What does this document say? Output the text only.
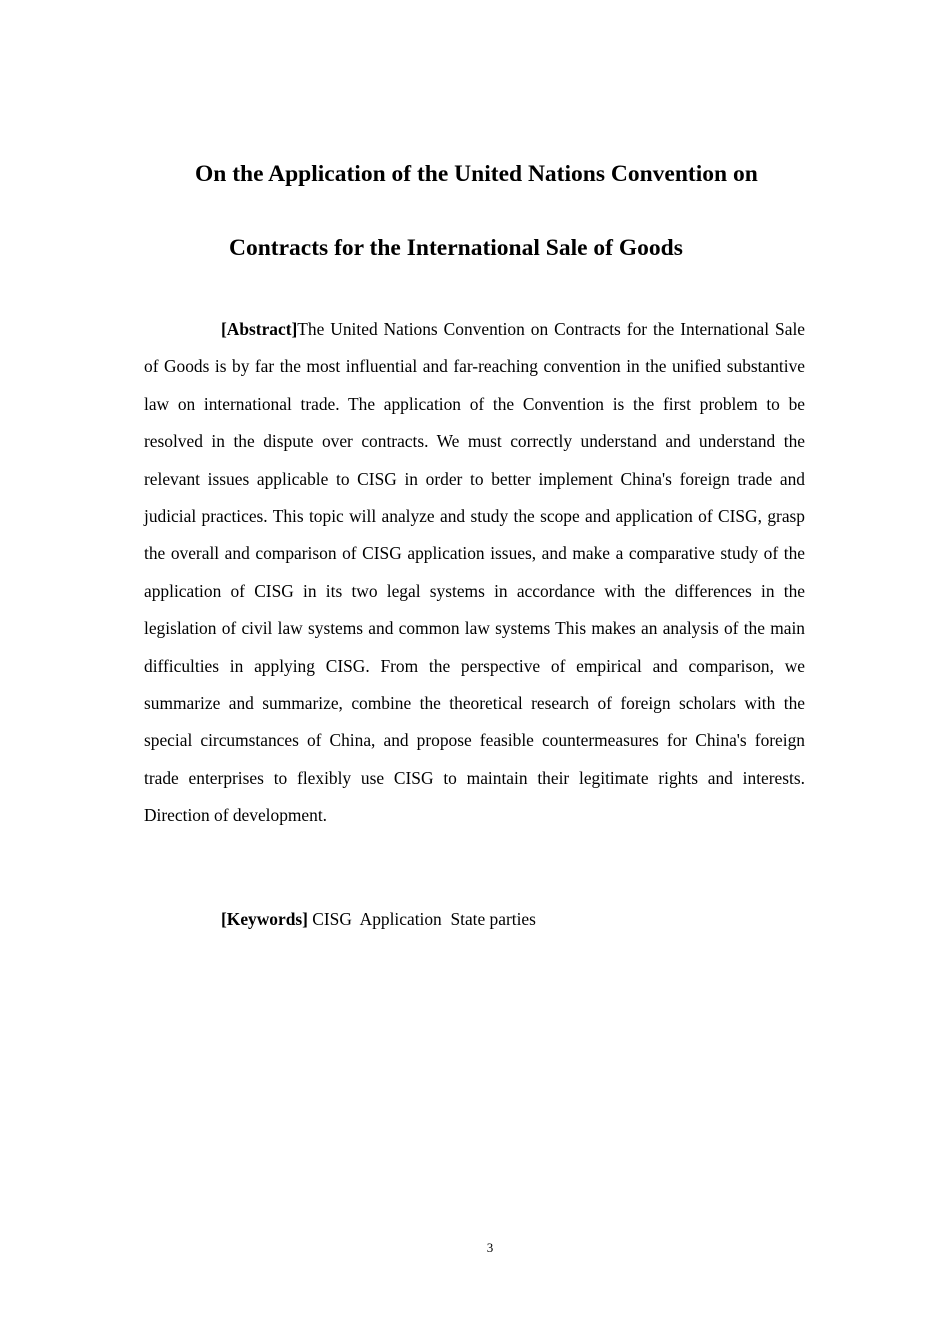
On the Application of the United Nations Convention on
Contracts for the International Sale of Goods

[Abstract]The United Nations Convention on Contracts for the International Sale of Goods is by far the most influential and far-reaching convention in the unified substantive law on international trade. The application of the Convention is the first problem to be resolved in the dispute over contracts. We must correctly understand and understand the relevant issues applicable to CISG in order to better implement China's foreign trade and judicial practices. This topic will analyze and study the scope and application of CISG, grasp the overall and comparison of CISG application issues, and make a comparative study of the application of CISG in its two legal systems in accordance with the differences in the legislation of civil law systems and common law systems This makes an analysis of the main difficulties in applying CISG. From the perspective of empirical and comparison, we summarize and summarize, combine the theoretical research of foreign scholars with the special circumstances of China, and propose feasible countermeasures for China's foreign trade enterprises to flexibly use CISG to maintain their legitimate rights and interests. Direction of development.

[Keywords] CISG  Application  State parties

3
